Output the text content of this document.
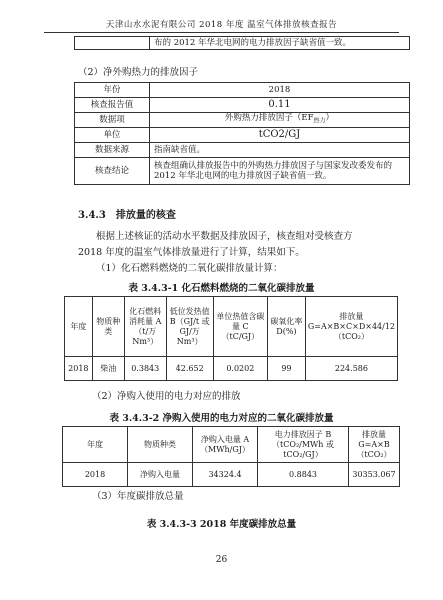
天津山水水泥有限公司 2018 年度 温室气体排放核查报告
	布的 2012 年华北电网的电力排放因子缺省值一致。
（2）净外购热力的排放因子
年份	2018
核查报告值	0.11
数据项	外购热力排放因子$(EF_{热力})$
单位	tCO2/GJ
数据来源	指南缺省值。
核查结论	核查组确认排放报告中的外购热力排放因子与国家发改委发布的 2012 年华北电网的电力排放因子缺省值一致。
3.4.3　排放量的核查
根据上述核证的活动水平数据及排放因子，核查组对受核查方
2018 年度的温室气体排放量进行了计算，结果如下。
（1）化石燃料燃烧的二氧化碳排放量计算：
表 3.4.3-1 化石燃料燃烧的二氧化碳排放量
年度	物质种类	化石燃料消耗量 A（t/万 Nm³）	低位发热值 B（GJ/t 或 GJ/万 Nm³）	单位热值含碳量 C（tC/GJ）	碳氧化率 D(%)	排放量 G=A×B×C×D×44/12（tCO₂）
2018	柴油	0.3843	42.652	0.0202	99	224.586
（2）净购入使用的电力对应的排放
表 3.4.3-2 净购入使用的电力对应的二氧化碳排放量
年度	物质种类	净购入电量 A（MWh/GJ）	电力排放因子 B（tCO₂/MWh 或 tCO₂/GJ）	排放量 G=A×B（tCO₂）
2018	净购入电量	34324.4	0.8843	30353.067
（3）年度碳排放总量
表 3.4.3-3 2018 年度碳排放总量
26
